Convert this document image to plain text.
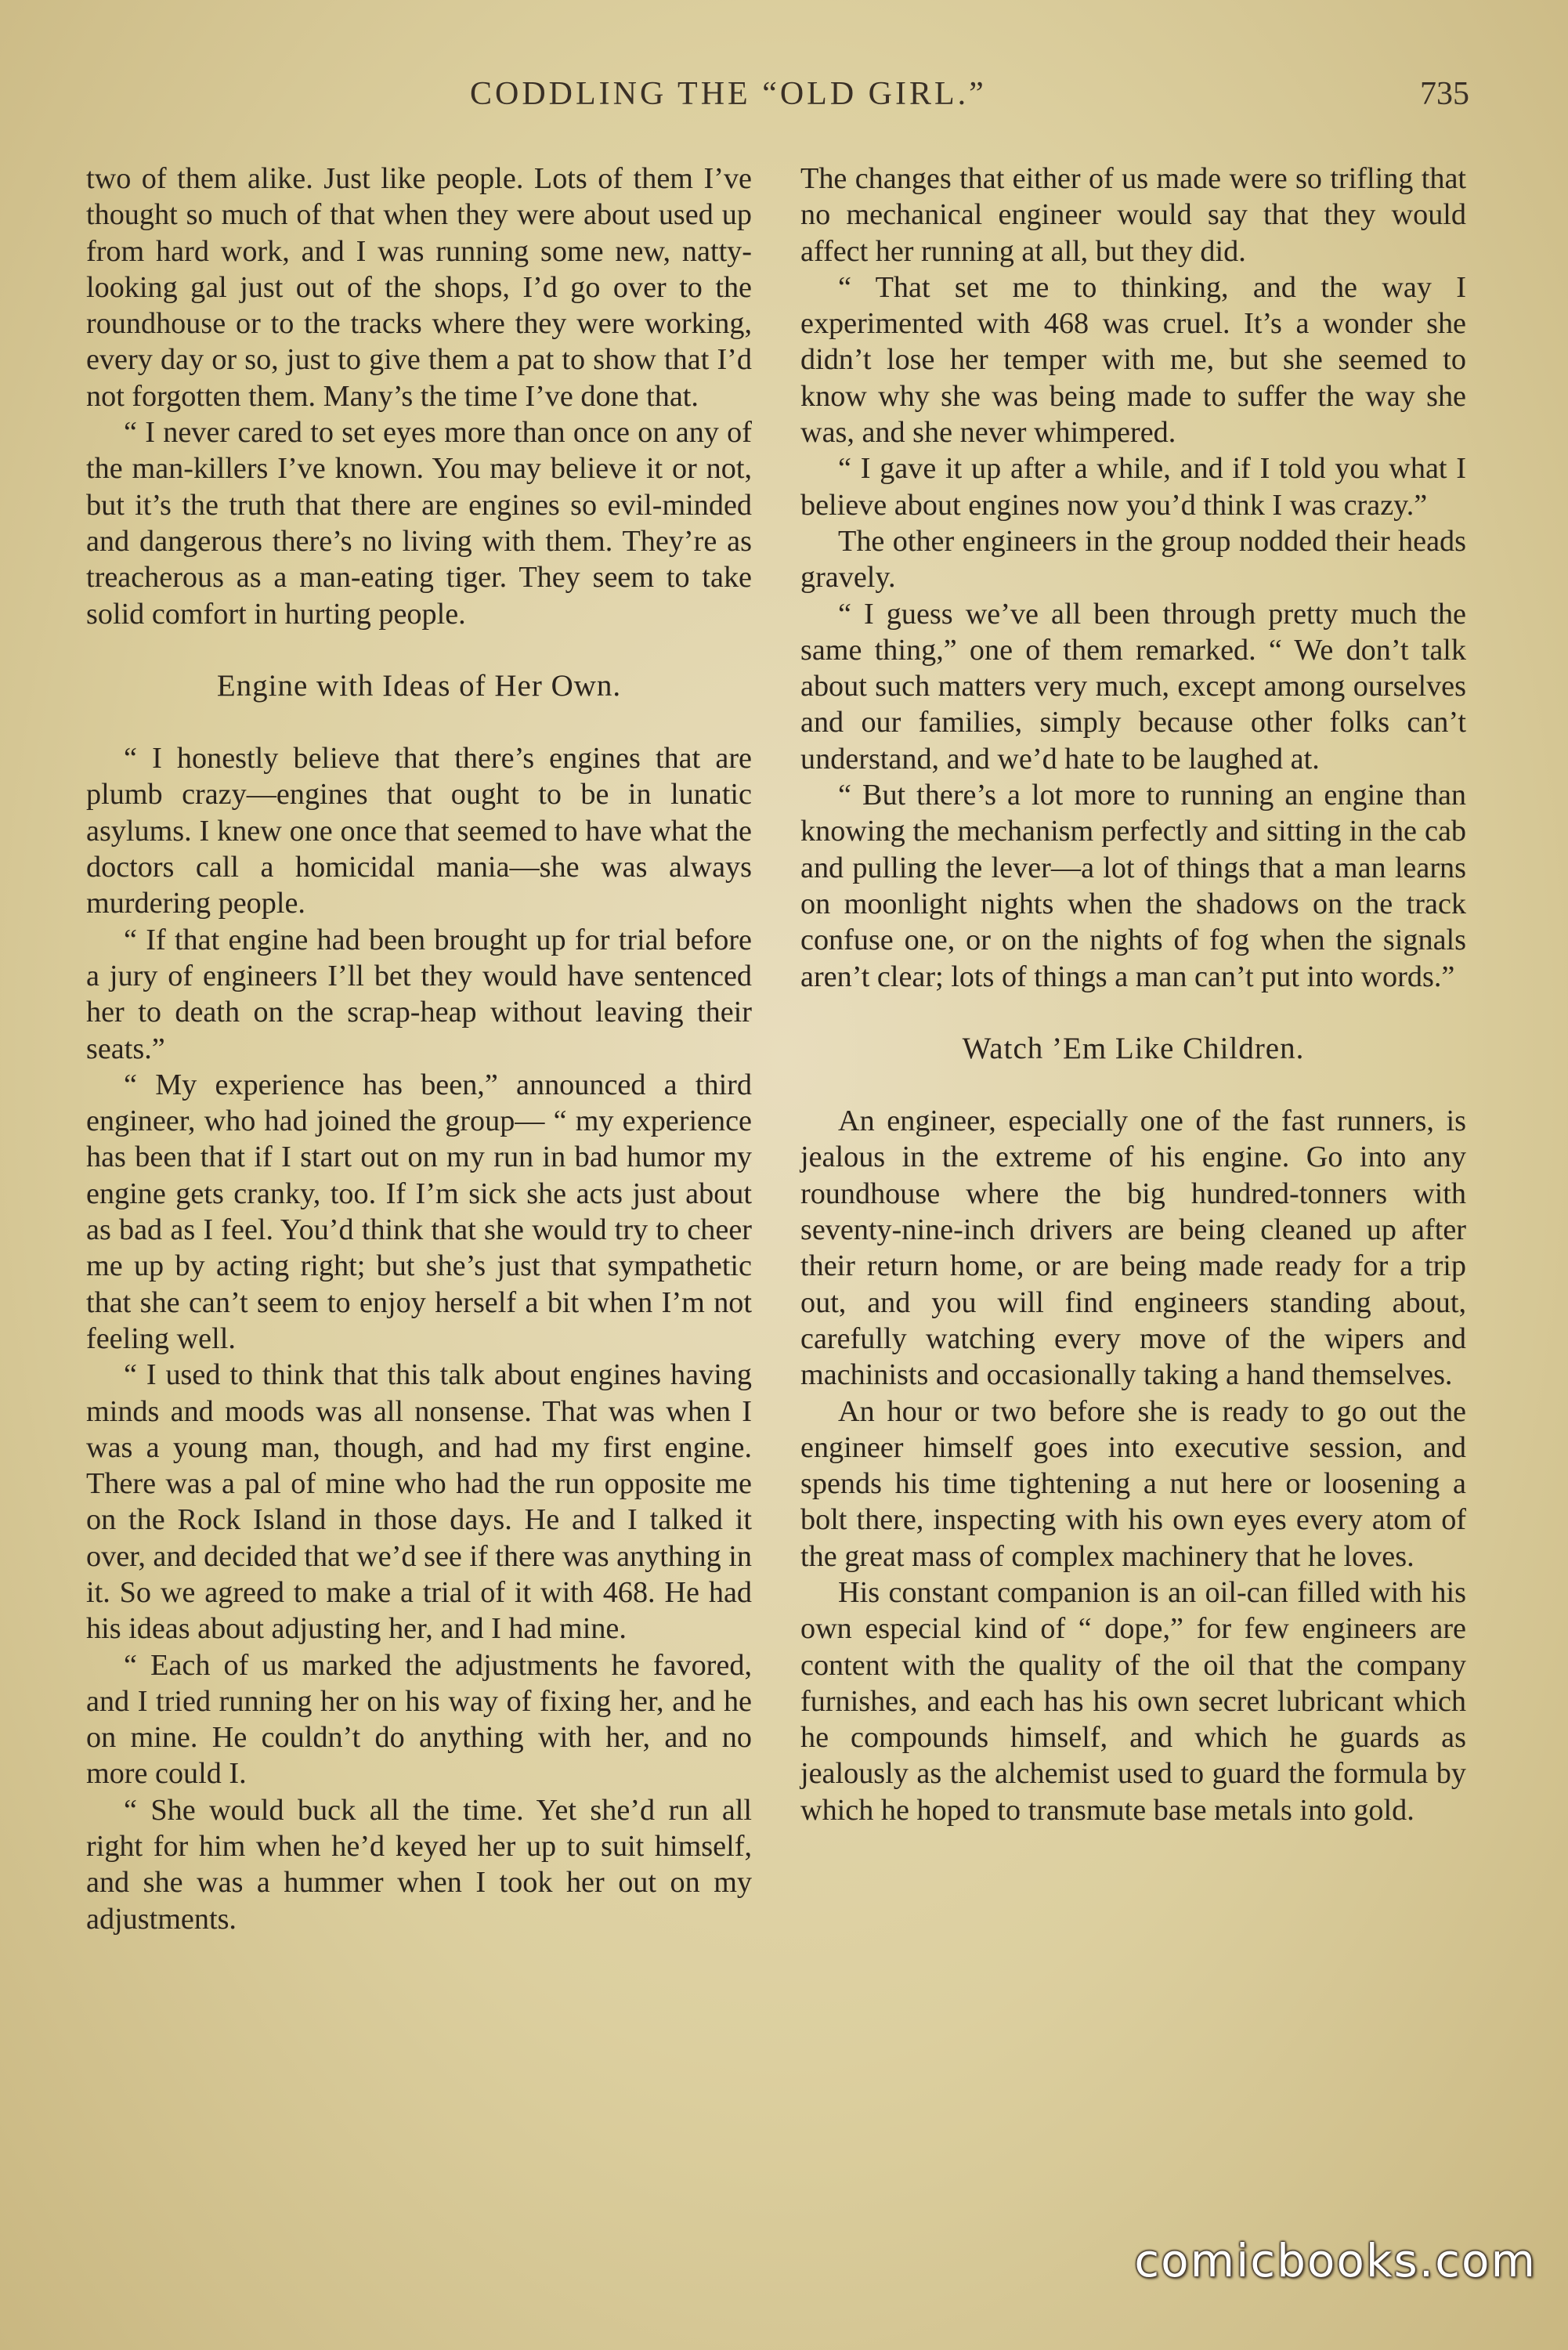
CODDLING THE “OLD GIRL.”	735

two of them alike. Just like people. Lots of them I’ve thought so much of that when they were about used up from hard work, and I was running some new, natty-looking gal just out of the shops, I’d go over to the roundhouse or to the tracks where they were working, every day or so, just to give them a pat to show that I’d not forgotten them. Many’s the time I’ve done that.

“ I never cared to set eyes more than once on any of the man-killers I’ve known. You may believe it or not, but it’s the truth that there are engines so evil-minded and dangerous there’s no living with them. They’re as treacherous as a man-eating tiger. They seem to take solid comfort in hurting people.

Engine with Ideas of Her Own.

“ I honestly believe that there’s engines that are plumb crazy—engines that ought to be in lunatic asylums. I knew one once that seemed to have what the doctors call a homicidal mania—she was always murdering people.

“ If that engine had been brought up for trial before a jury of engineers I’ll bet they would have sentenced her to death on the scrap-heap without leaving their seats.”

“ My experience has been,” announced a third engineer, who had joined the group— “ my experience has been that if I start out on my run in bad humor my engine gets cranky, too. If I’m sick she acts just about as bad as I feel. You’d think that she would try to cheer me up by acting right; but she’s just that sympathetic that she can’t seem to enjoy herself a bit when I’m not feeling well.

“ I used to think that this talk about engines having minds and moods was all nonsense. That was when I was a young man, though, and had my first engine. There was a pal of mine who had the run opposite me on the Rock Island in those days. He and I talked it over, and decided that we’d see if there was anything in it. So we agreed to make a trial of it with 468. He had his ideas about adjusting her, and I had mine.

“ Each of us marked the adjustments he favored, and I tried running her on his way of fixing her, and he on mine. He couldn’t do anything with her, and no more could I.

“ She would buck all the time. Yet she’d run all right for him when he’d keyed her up to suit himself, and she was a hummer when I took her out on my adjustments.

The changes that either of us made were so trifling that no mechanical engineer would say that they would affect her running at all, but they did.

“ That set me to thinking, and the way I experimented with 468 was cruel. It’s a wonder she didn’t lose her temper with me, but she seemed to know why she was being made to suffer the way she was, and she never whimpered.

“ I gave it up after a while, and if I told you what I believe about engines now you’d think I was crazy.”

The other engineers in the group nodded their heads gravely.

“ I guess we’ve all been through pretty much the same thing,” one of them remarked. “ We don’t talk about such matters very much, except among ourselves and our families, simply because other folks can’t understand, and we’d hate to be laughed at.

“ But there’s a lot more to running an engine than knowing the mechanism perfectly and sitting in the cab and pulling the lever—a lot of things that a man learns on moonlight nights when the shadows on the track confuse one, or on the nights of fog when the signals aren’t clear; lots of things a man can’t put into words.”

Watch ’Em Like Children.

An engineer, especially one of the fast runners, is jealous in the extreme of his engine. Go into any roundhouse where the big hundred-tonners with seventy-nine-inch drivers are being cleaned up after their return home, or are being made ready for a trip out, and you will find engineers standing about, carefully watching every move of the wipers and machinists and occasionally taking a hand themselves.

An hour or two before she is ready to go out the engineer himself goes into executive session, and spends his time tightening a nut here or loosening a bolt there, inspecting with his own eyes every atom of the great mass of complex machinery that he loves.

His constant companion is an oil-can filled with his own especial kind of “ dope,” for few engineers are content with the quality of the oil that the company furnishes, and each has his own secret lubricant which he compounds himself, and which he guards as jealously as the alchemist used to guard the formula by which he hoped to transmute base metals into gold.

comicbooks.com
